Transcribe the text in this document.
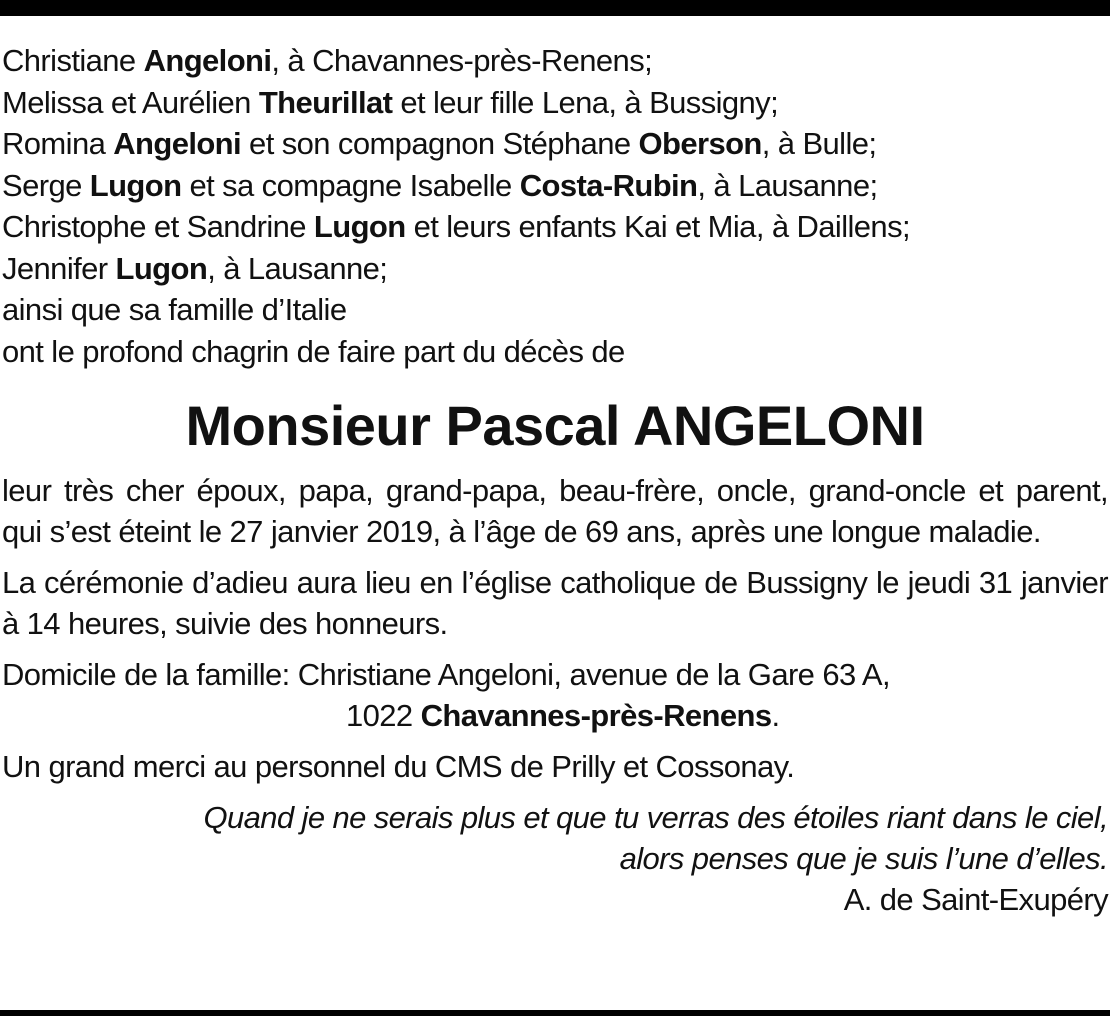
Christiane Angeloni, à Chavannes-près-Renens;
Melissa et Aurélien Theurillat et leur fille Lena, à Bussigny;
Romina Angeloni et son compagnon Stéphane Oberson, à Bulle;
Serge Lugon et sa compagne Isabelle Costa-Rubin, à Lausanne;
Christophe et Sandrine Lugon et leurs enfants Kai et Mia, à Daillens;
Jennifer Lugon, à Lausanne;
ainsi que sa famille d’Italie
ont le profond chagrin de faire part du décès de
Monsieur Pascal ANGELONI
leur très cher époux, papa, grand-papa, beau-frère, oncle, grand-oncle et parent, qui s’est éteint le 27 janvier 2019, à l’âge de 69 ans, après une longue maladie.
La cérémonie d’adieu aura lieu en l’église catholique de Bussigny le jeudi 31 janvier à 14 heures, suivie des honneurs.
Domicile de la famille: Christiane Angeloni, avenue de la Gare 63 A,
1022 Chavannes-près-Renens.
Un grand merci au personnel du CMS de Prilly et Cossonay.
Quand je ne serais plus et que tu verras des étoiles riant dans le ciel,
alors penses que je suis l’une d’elles.
A. de Saint-Exupéry
